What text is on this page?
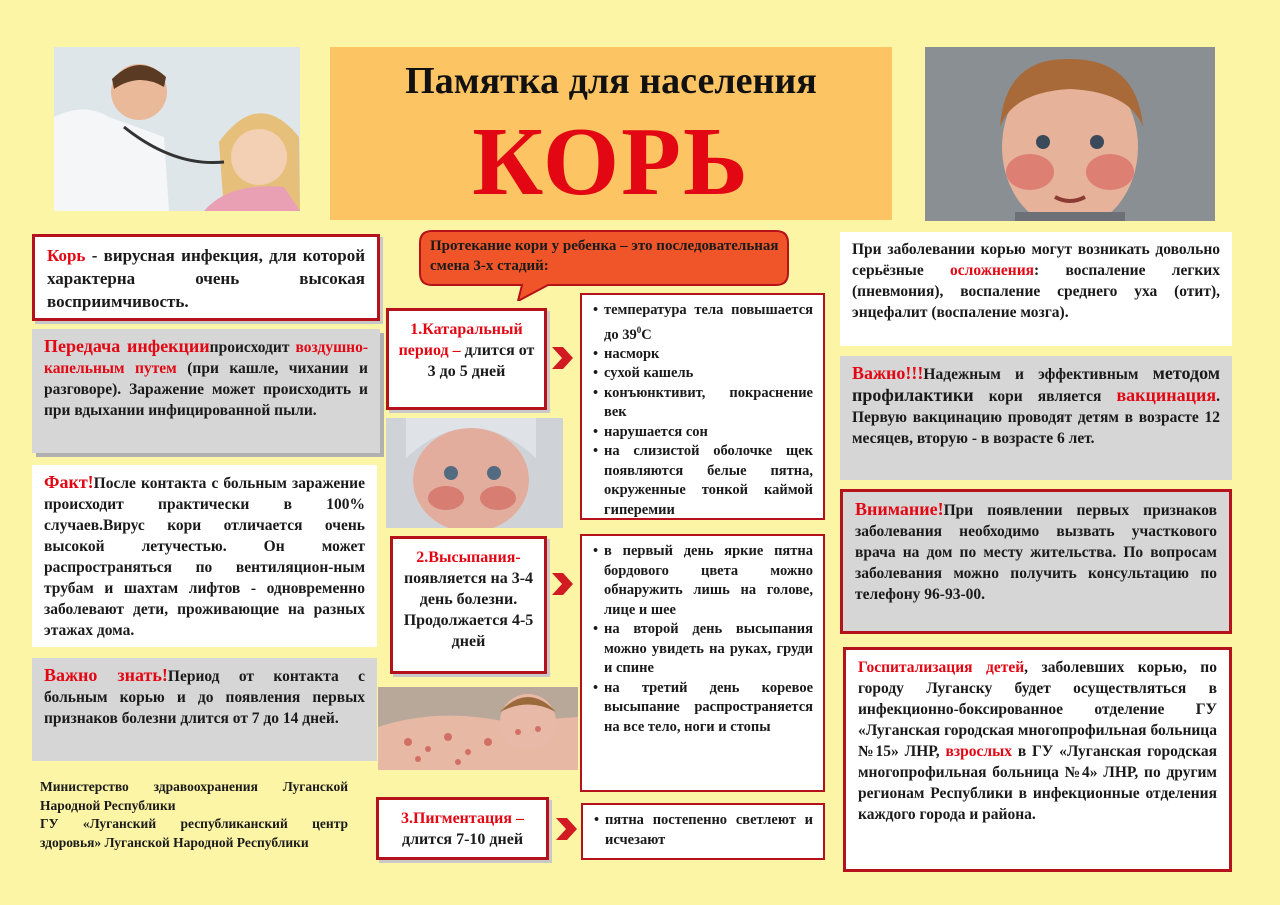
Памятка для населения
КОРЬ
Корь - вирусная инфекция, для которой характерна очень высокая восприимчивость.
Передача инфекциипроисходит воздушно-капельным путем (при кашле, чихании и разговоре). Заражение может происходить и при вдыхании инфицированной пыли.
Факт!После контакта с больным заражение происходит практически в 100% случаев.Вирус кори отличается очень высокой летучестью. Он может распространяться по вентиляцион-ным трубам и шахтам лифтов - одновременно заболевают дети, проживающие на разных этажах дома.
Важно знать!Период от контакта с больным корью и до появления первых признаков болезни длится от 7 до 14 дней.
Министерство здравоохранения Луганской Народной Республики
ГУ «Луганский республиканский центр здоровья» Луганской Народной Республики
Протекание кори у ребенка – это последовательная смена 3-х стадий:
1.Катаральный период – длится от 3 до 5 дней
• температура тела повышается до $39^0С$
• насморк
• сухой кашель
• конъюнктивит, покраснение век
• нарушается сон
• на слизистой оболочке щек появляются белые пятна, окруженные тонкой каймой гиперемии
2.Высыпания-
появляется на 3-4 день болезни. Продолжается 4-5 дней
• в первый день яркие пятна бордового цвета можно обнаружить лишь на голове, лице и шее
• на второй день высыпания можно увидеть на руках, груди и спине
• на третий день коревое высыпание распространяется на все тело, ноги и стопы
3.Пигментация –
длится 7-10 дней
• пятна постепенно светлеют и исчезают
При заболевании корью могут возникать довольно серьёзные осложнения: воспаление легких (пневмония), воспаление среднего уха (отит), энцефалит (воспаление мозга).
Важно!!!Надежным и эффективным методом профилактики кори является вакцинация. Первую вакцинацию проводят детям в возрасте 12 месяцев, вторую - в возрасте 6 лет.
Внимание!При появлении первых признаков заболевания необходимо вызвать участкового врача на дом по месту жительства. По вопросам заболевания можно получить консультацию по телефону 96-93-00.
Госпитализация детей, заболевших корью, по городу Луганску будет осуществляться в инфекционно-боксированное отделение ГУ «Луганская городская многопрофильная больница №15» ЛНР, взрослых в ГУ «Луганская городская многопрофильная больница №4» ЛНР, по другим регионам Республики в инфекционные отделения каждого города и района.
